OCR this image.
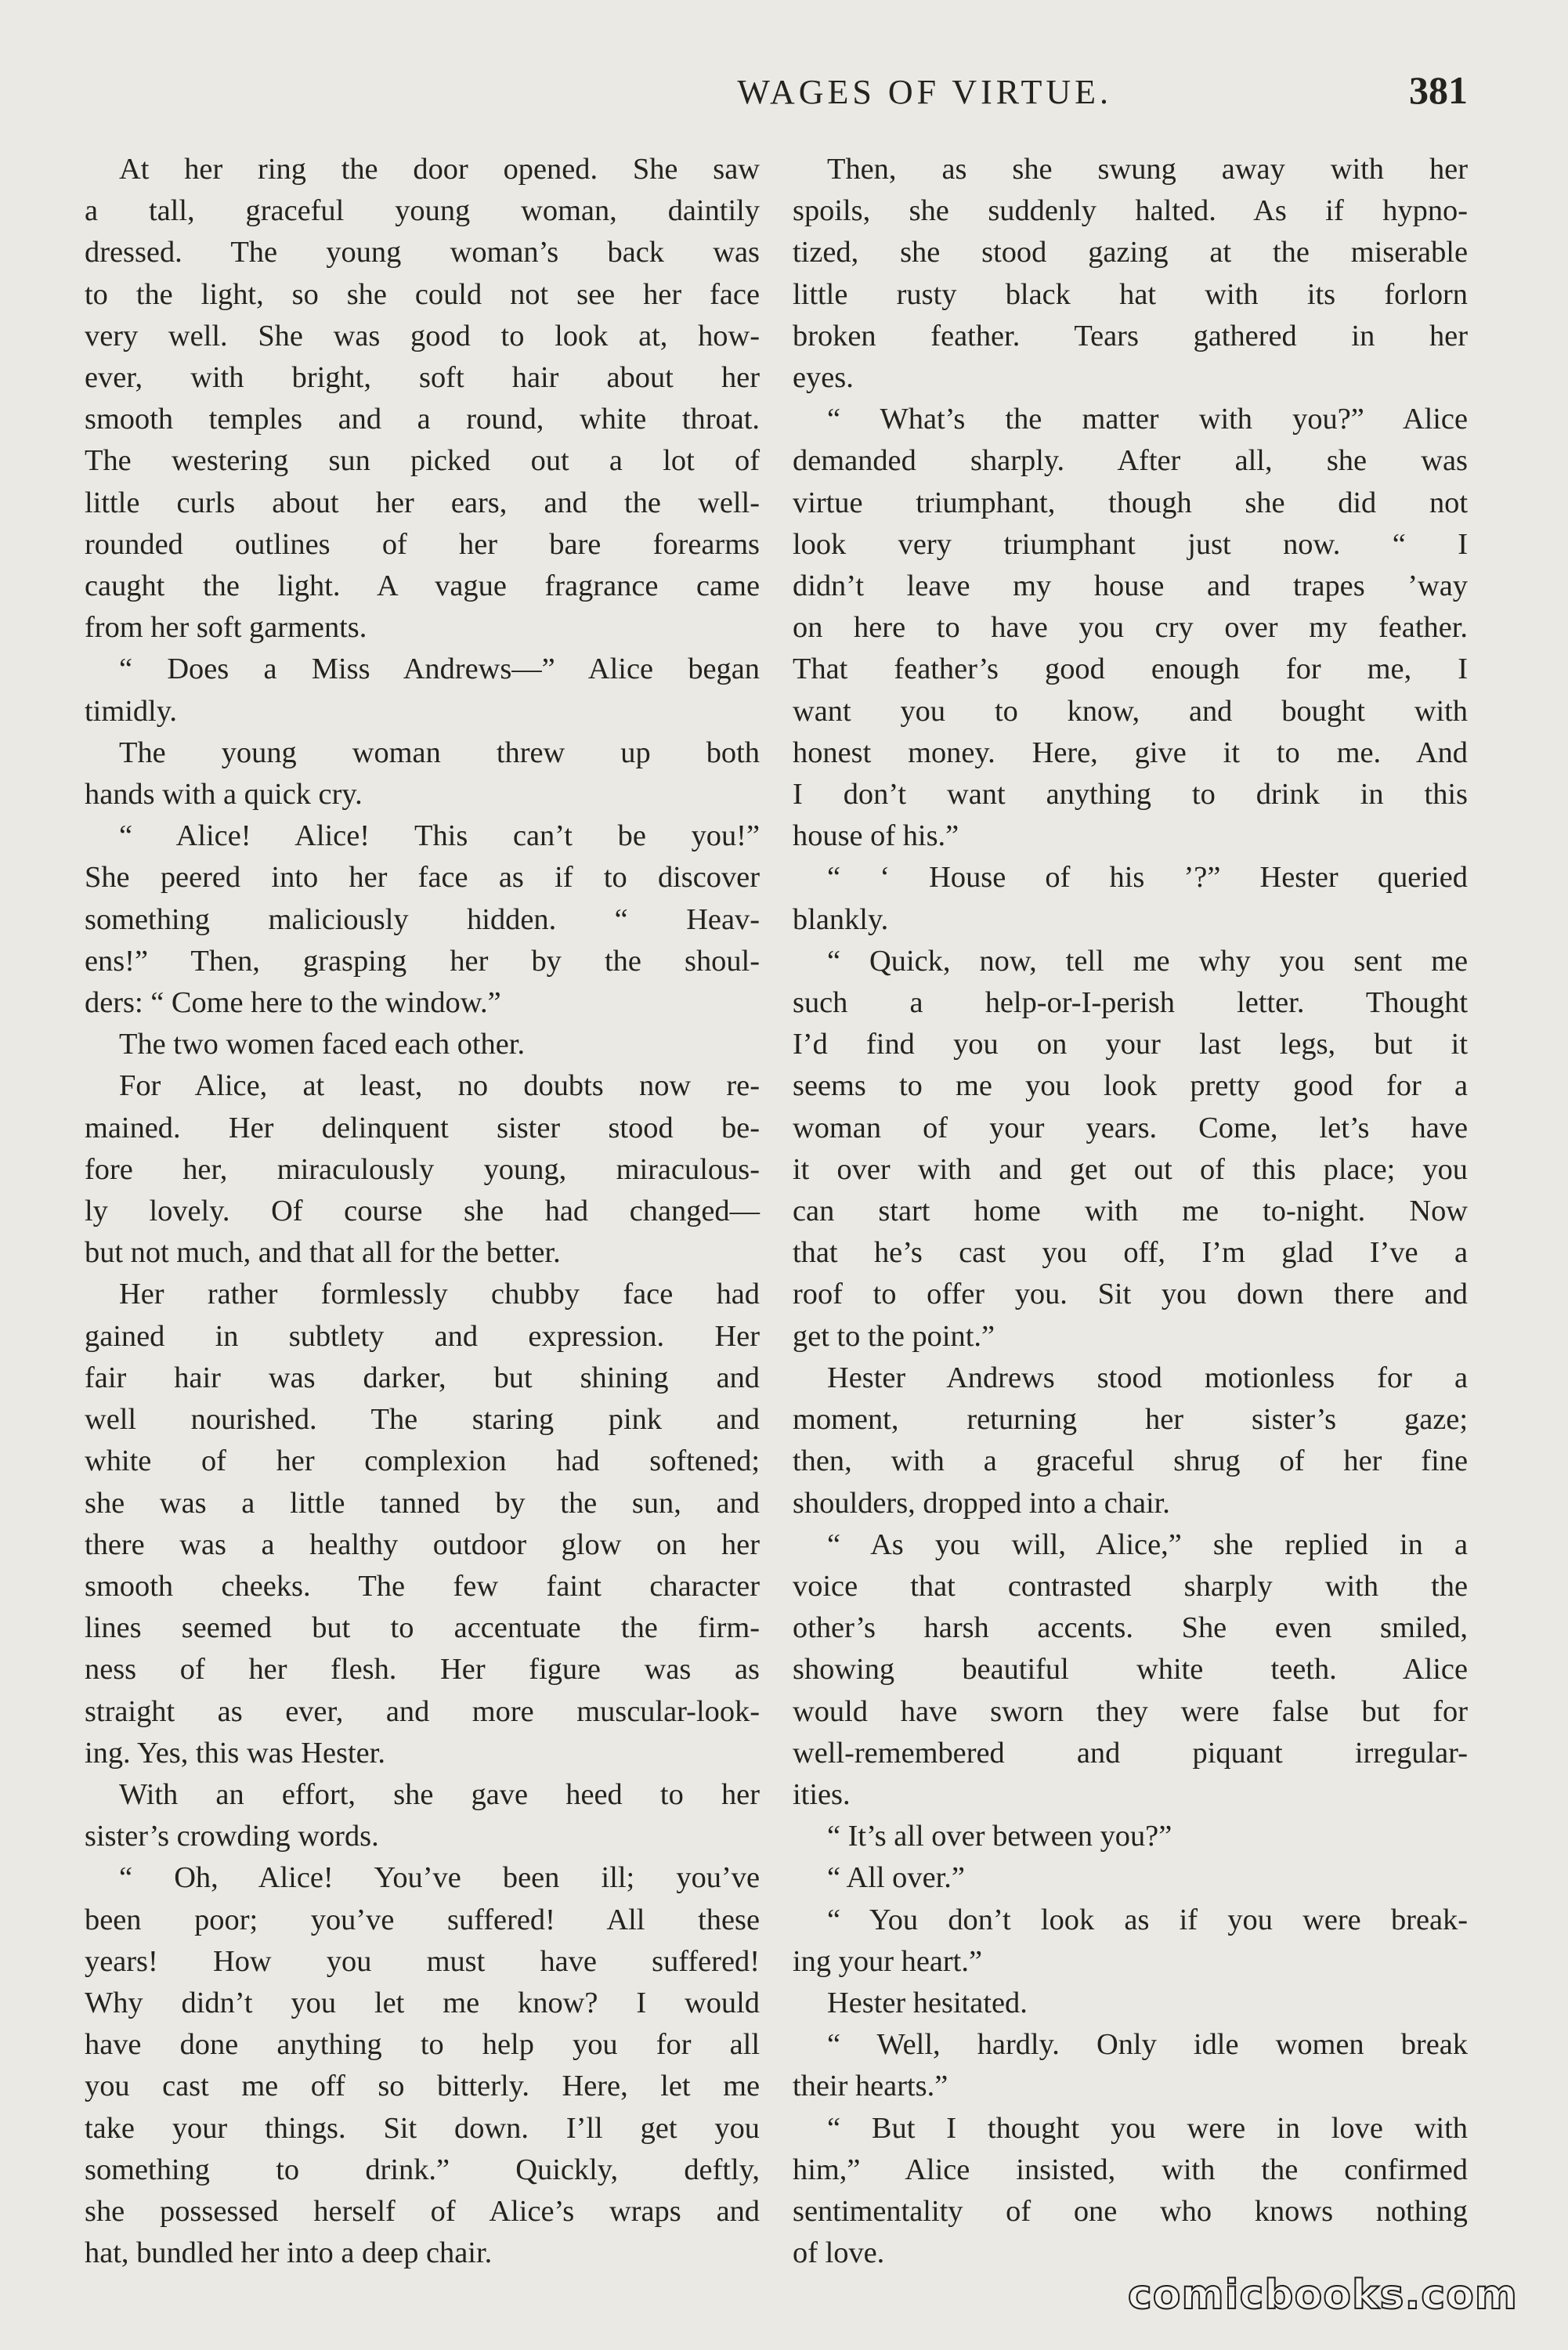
WAGES OF VIRTUE.	381

At her ring the door opened. She saw

a tall, graceful young woman, daintily

dressed. The young woman’s back was

to the light, so she could not see her face

very well. She was good to look at, how-

ever, with bright, soft hair about her

smooth temples and a round, white throat.

The westering sun picked out a lot of

little curls about her ears, and the well-

rounded outlines of her bare forearms

caught the light. A vague fragrance came

from her soft garments.

“ Does a Miss Andrews—” Alice began

timidly.

The young woman threw up both

hands with a quick cry.

“ Alice! Alice! This can’t be you!”

She peered into her face as if to discover

something maliciously hidden. “ Heav-

ens!” Then, grasping her by the shoul-

ders: “ Come here to the window.”

The two women faced each other.

For Alice, at least, no doubts now re-

mained. Her delinquent sister stood be-

fore her, miraculously young, miraculous-

ly lovely. Of course she had changed—

but not much, and that all for the better.

Her rather formlessly chubby face had

gained in subtlety and expression. Her

fair hair was darker, but shining and

well nourished. The staring pink and

white of her complexion had softened;

she was a little tanned by the sun, and

there was a healthy outdoor glow on her

smooth cheeks. The few faint character

lines seemed but to accentuate the firm-

ness of her flesh. Her figure was as

straight as ever, and more muscular-look-

ing. Yes, this was Hester.

With an effort, she gave heed to her

sister’s crowding words.

“ Oh, Alice! You’ve been ill; you’ve

been poor; you’ve suffered! All these

years! How you must have suffered!

Why didn’t you let me know? I would

have done anything to help you for all

you cast me off so bitterly. Here, let me

take your things. Sit down. I’ll get you

something to drink.” Quickly, deftly,

she possessed herself of Alice’s wraps and

hat, bundled her into a deep chair.

Then, as she swung away with her

spoils, she suddenly halted. As if hypno-

tized, she stood gazing at the miserable

little rusty black hat with its forlorn

broken feather. Tears gathered in her

eyes.

“ What’s the matter with you?” Alice

demanded sharply. After all, she was

virtue triumphant, though she did not

look very triumphant just now. “ I

didn’t leave my house and trapes ’way

on here to have you cry over my feather.

That feather’s good enough for me, I

want you to know, and bought with

honest money. Here, give it to me. And

I don’t want anything to drink in this

house of his.”

“ ‘ House of his ’?” Hester queried

blankly.

“ Quick, now, tell me why you sent me

such a help-or-I-perish letter. Thought

I’d find you on your last legs, but it

seems to me you look pretty good for a

woman of your years. Come, let’s have

it over with and get out of this place; you

can start home with me to-night. Now

that he’s cast you off, I’m glad I’ve a

roof to offer you. Sit you down there and

get to the point.”

Hester Andrews stood motionless for a

moment, returning her sister’s gaze;

then, with a graceful shrug of her fine

shoulders, dropped into a chair.

“ As you will, Alice,” she replied in a

voice that contrasted sharply with the

other’s harsh accents. She even smiled,

showing beautiful white teeth. Alice

would have sworn they were false but for

well-remembered and piquant irregular-

ities.

“ It’s all over between you?”

“ All over.”

“ You don’t look as if you were break-

ing your heart.”

Hester hesitated.

“ Well, hardly. Only idle women break

their hearts.”

“ But I thought you were in love with

him,” Alice insisted, with the confirmed

sentimentality of one who knows nothing

of love.

comicbooks.com
